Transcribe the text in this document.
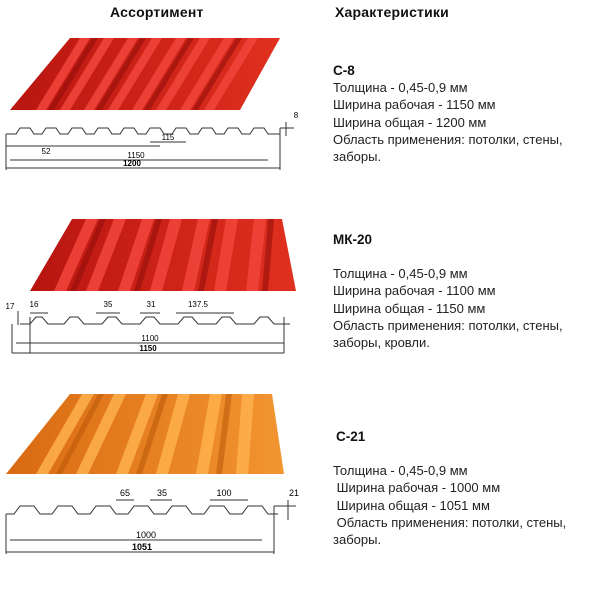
Ассортимент	Характеристики
52	1150
115
1200
8
С-8
Толщина - 0,45-0,9 мм
Ширина рабочая - 1150 мм
Ширина общая - 1200 мм
Область применения: потолки, стены,
заборы.
17 16	35	31	137.5
1100
1150
МК-20
Толщина - 0,45-0,9 мм
Ширина рабочая - 1100 мм
Ширина общая - 1150 мм
Область применения: потолки, стены,
заборы, кровли.
65	35	100	21
1000
1051
С-21
Толщина - 0,45-0,9 мм
Ширина рабочая - 1000 мм
Ширина общая - 1051 мм
Область применения: потолки, стены,
заборы.
